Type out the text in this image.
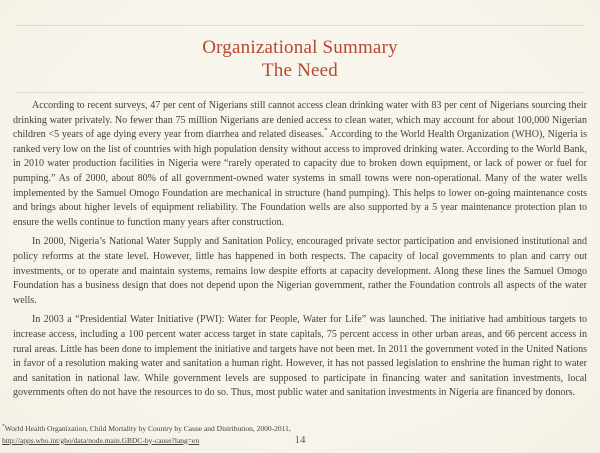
Organizational Summary
The Need

According to recent surveys, 47 per cent of Nigerians still cannot access clean drinking water with 83 per cent of Nigerians sourcing their drinking water privately. No fewer than 75 million Nigerians are denied access to clean water, which may account for about 100,000 Nigerian children <5 years of age dying every year from diarrhea and related diseases.* According to the World Health Organization (WHO), Nigeria is ranked very low on the list of countries with high population density without access to improved drinking water. According to the World Bank, in 2010 water production facilities in Nigeria were “rarely operated to capacity due to broken down equipment, or lack of power or fuel for pumping.” As of 2000, about 80% of all government-owned water systems in small towns were non-operational. Many of the water wells implemented by the Samuel Omogo Foundation are mechanical in structure (hand pumping). This helps to lower on-going maintenance costs and brings about higher levels of equipment reliability. The Foundation wells are also supported by a 5 year maintenance protection plan to ensure the wells continue to function many years after construction.

In 2000, Nigeria’s National Water Supply and Sanitation Policy, encouraged private sector participation and envisioned institutional and policy reforms at the state level. However, little has happened in both respects. The capacity of local governments to plan and carry out investments, or to operate and maintain systems, remains low despite efforts at capacity development. Along these lines the Samuel Omogo Foundation has a business design that does not depend upon the Nigerian government, rather the Foundation controls all aspects of the water wells.

In 2003 a “Presidential Water Initiative (PWI): Water for People, Water for Life” was launched. The initiative had ambitious targets to increase access, including a 100 percent water access target in state capitals, 75 percent access in other urban areas, and 66 percent access in rural areas. Little has been done to implement the initiative and targets have not been met. In 2011 the government voted in the United Nations in favor of a resolution making water and sanitation a human right. However, it has not passed legislation to enshrine the human right to water and sanitation in national law. While government levels are supposed to participate in financing water and sanitation investments, local governments often do not have the resources to do so. Thus, most public water and sanitation investments in Nigeria are financed by donors.

*World Health Organization, Child Mortality by Country by Cause and Distribution, 2000-2011,
http://apps.who.int/gho/data/node.main.GBDC-by-cause?lang=en	14
